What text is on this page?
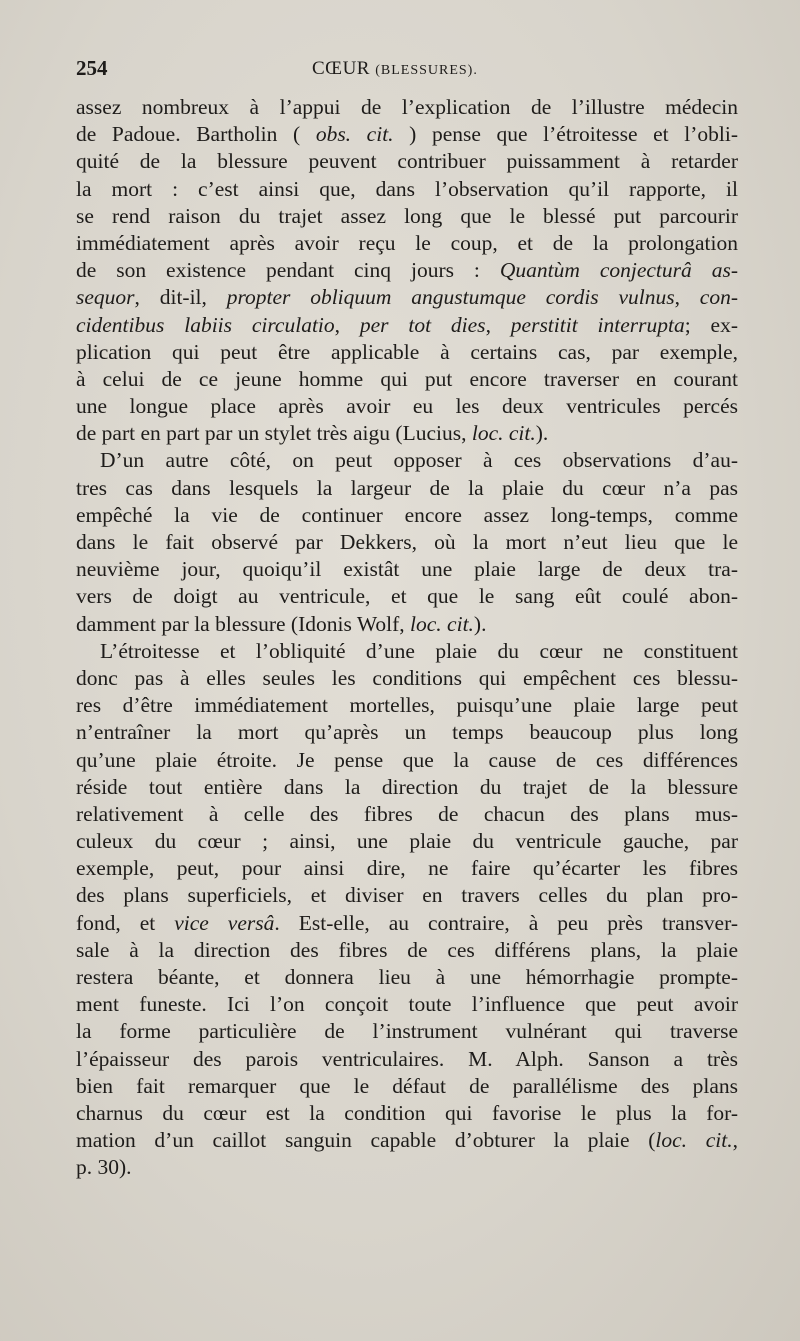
254	CŒUR (BLESSURES).
assez nombreux à l’appui de l’explication de l’illustre médecin
de Padoue. Bartholin ( obs. cit. ) pense que l’étroitesse et l’obli-
quité de la blessure peuvent contribuer puissamment à retarder
la mort : c’est ainsi que, dans l’observation qu’il rapporte, il
se rend raison du trajet assez long que le blessé put parcourir
immédiatement après avoir reçu le coup, et de la prolongation
de son existence pendant cinq jours : Quantùm conjecturâ as-
sequor, dit-il, propter obliquum angustumque cordis vulnus, con-
cidentibus labiis circulatio, per tot dies, perstitit interrupta; ex-
plication qui peut être applicable à certains cas, par exemple,
à celui de ce jeune homme qui put encore traverser en courant
une longue place après avoir eu les deux ventricules percés
de part en part par un stylet très aigu (Lucius, loc. cit.).
D’un autre côté, on peut opposer à ces observations d’au-
tres cas dans lesquels la largeur de la plaie du cœur n’a pas
empêché la vie de continuer encore assez long-temps, comme
dans le fait observé par Dekkers, où la mort n’eut lieu que le
neuvième jour, quoiqu’il existât une plaie large de deux tra-
vers de doigt au ventricule, et que le sang eût coulé abon-
damment par la blessure (Idonis Wolf, loc. cit.).
L’étroitesse et l’obliquité d’une plaie du cœur ne constituent
donc pas à elles seules les conditions qui empêchent ces blessu-
res d’être immédiatement mortelles, puisqu’une plaie large peut
n’entraîner la mort qu’après un temps beaucoup plus long
qu’une plaie étroite. Je pense que la cause de ces différences
réside tout entière dans la direction du trajet de la blessure
relativement à celle des fibres de chacun des plans mus-
culeux du cœur ; ainsi, une plaie du ventricule gauche, par
exemple, peut, pour ainsi dire, ne faire qu’écarter les fibres
des plans superficiels, et diviser en travers celles du plan pro-
fond, et vice versâ. Est-elle, au contraire, à peu près transver-
sale à la direction des fibres de ces différens plans, la plaie
restera béante, et donnera lieu à une hémorrhagie prompte-
ment funeste. Ici l’on conçoit toute l’influence que peut avoir
la forme particulière de l’instrument vulnérant qui traverse
l’épaisseur des parois ventriculaires. M. Alph. Sanson a très
bien fait remarquer que le défaut de parallélisme des plans
charnus du cœur est la condition qui favorise le plus la for-
mation d’un caillot sanguin capable d’obturer la plaie (loc. cit.,
p. 30).
